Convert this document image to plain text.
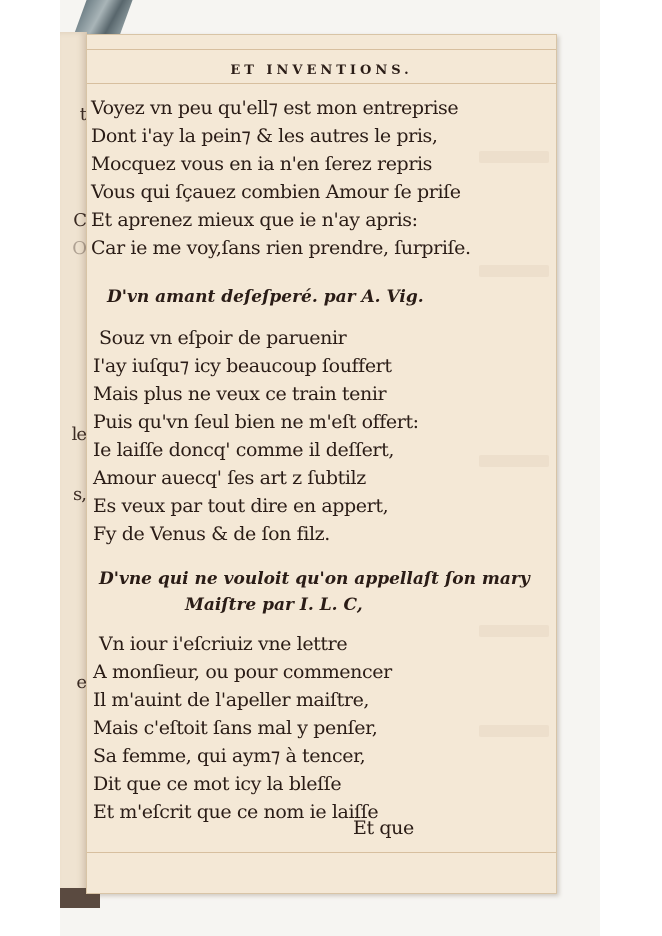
t
C
le
s,
e
O
ET INVENTIONS.
Voyez vn peu qu'ell⁊ est mon entreprise
Dont i'ay la pein⁊ & les autres le pris,
Mocquez vous en ia n'en ſerez repris
Vous qui ſçauez combien Amour ſe priſe
Et aprenez mieux que ie n'ay apris:
Car ie me voy,ſans rien prendre, ſurpriſe.
D'vn amant deſeſperé. par A. Vig.
Souz vn eſpoir de paruenir
I'ay iuſqu⁊ icy beaucoup ſouffert
Mais plus ne veux ce train tenir
Puis qu'vn ſeul bien ne m'eſt offert:
Ie laiſſe doncq' comme il deſſert,
Amour auecq' ſes art z ſubtilz
Es veux par tout dire en appert,
Fy de Venus & de ſon filz.
D'vne qui ne vouloit qu'on appellaſt ſon mary
Maiſtre par I. L. C,
Vn iour i'eſcriuiz vne lettre
A monſieur, ou pour commencer
Il m'auint de l'apeller maiſtre,
Mais c'eſtoit ſans mal y penſer,
Sa femme, qui aym⁊ à tencer,
Dit que ce mot icy la bleſſe
Et m'eſcrit que ce nom ie laiſſe
Et que
